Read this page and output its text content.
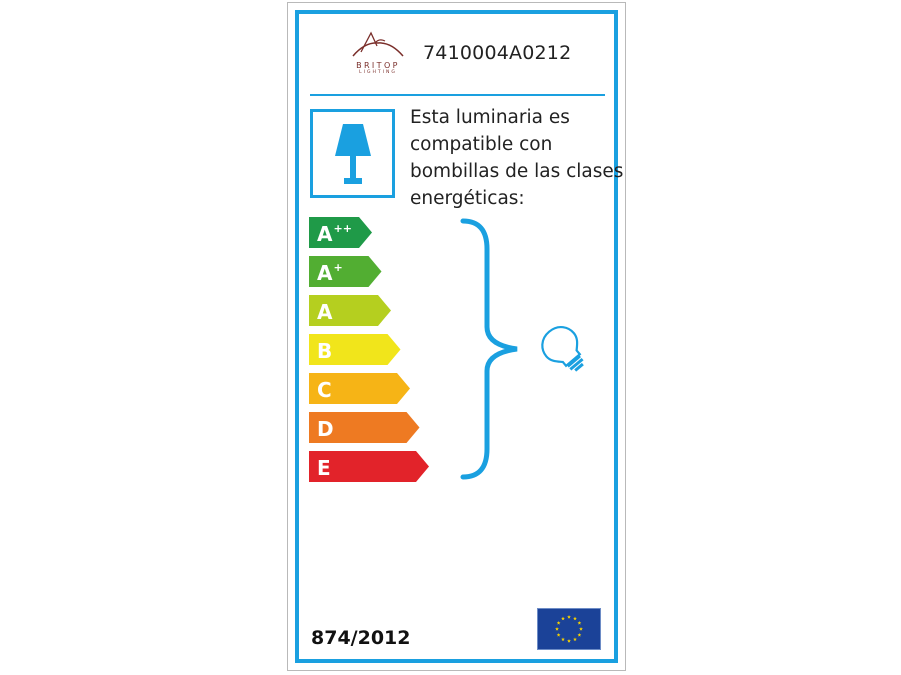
BRITOP
LIGHTING
7410004A0212
Esta luminaria es
compatible con
bombillas de las clases
energéticas:
A++
A+
A
B
C
D
E
874/2012
